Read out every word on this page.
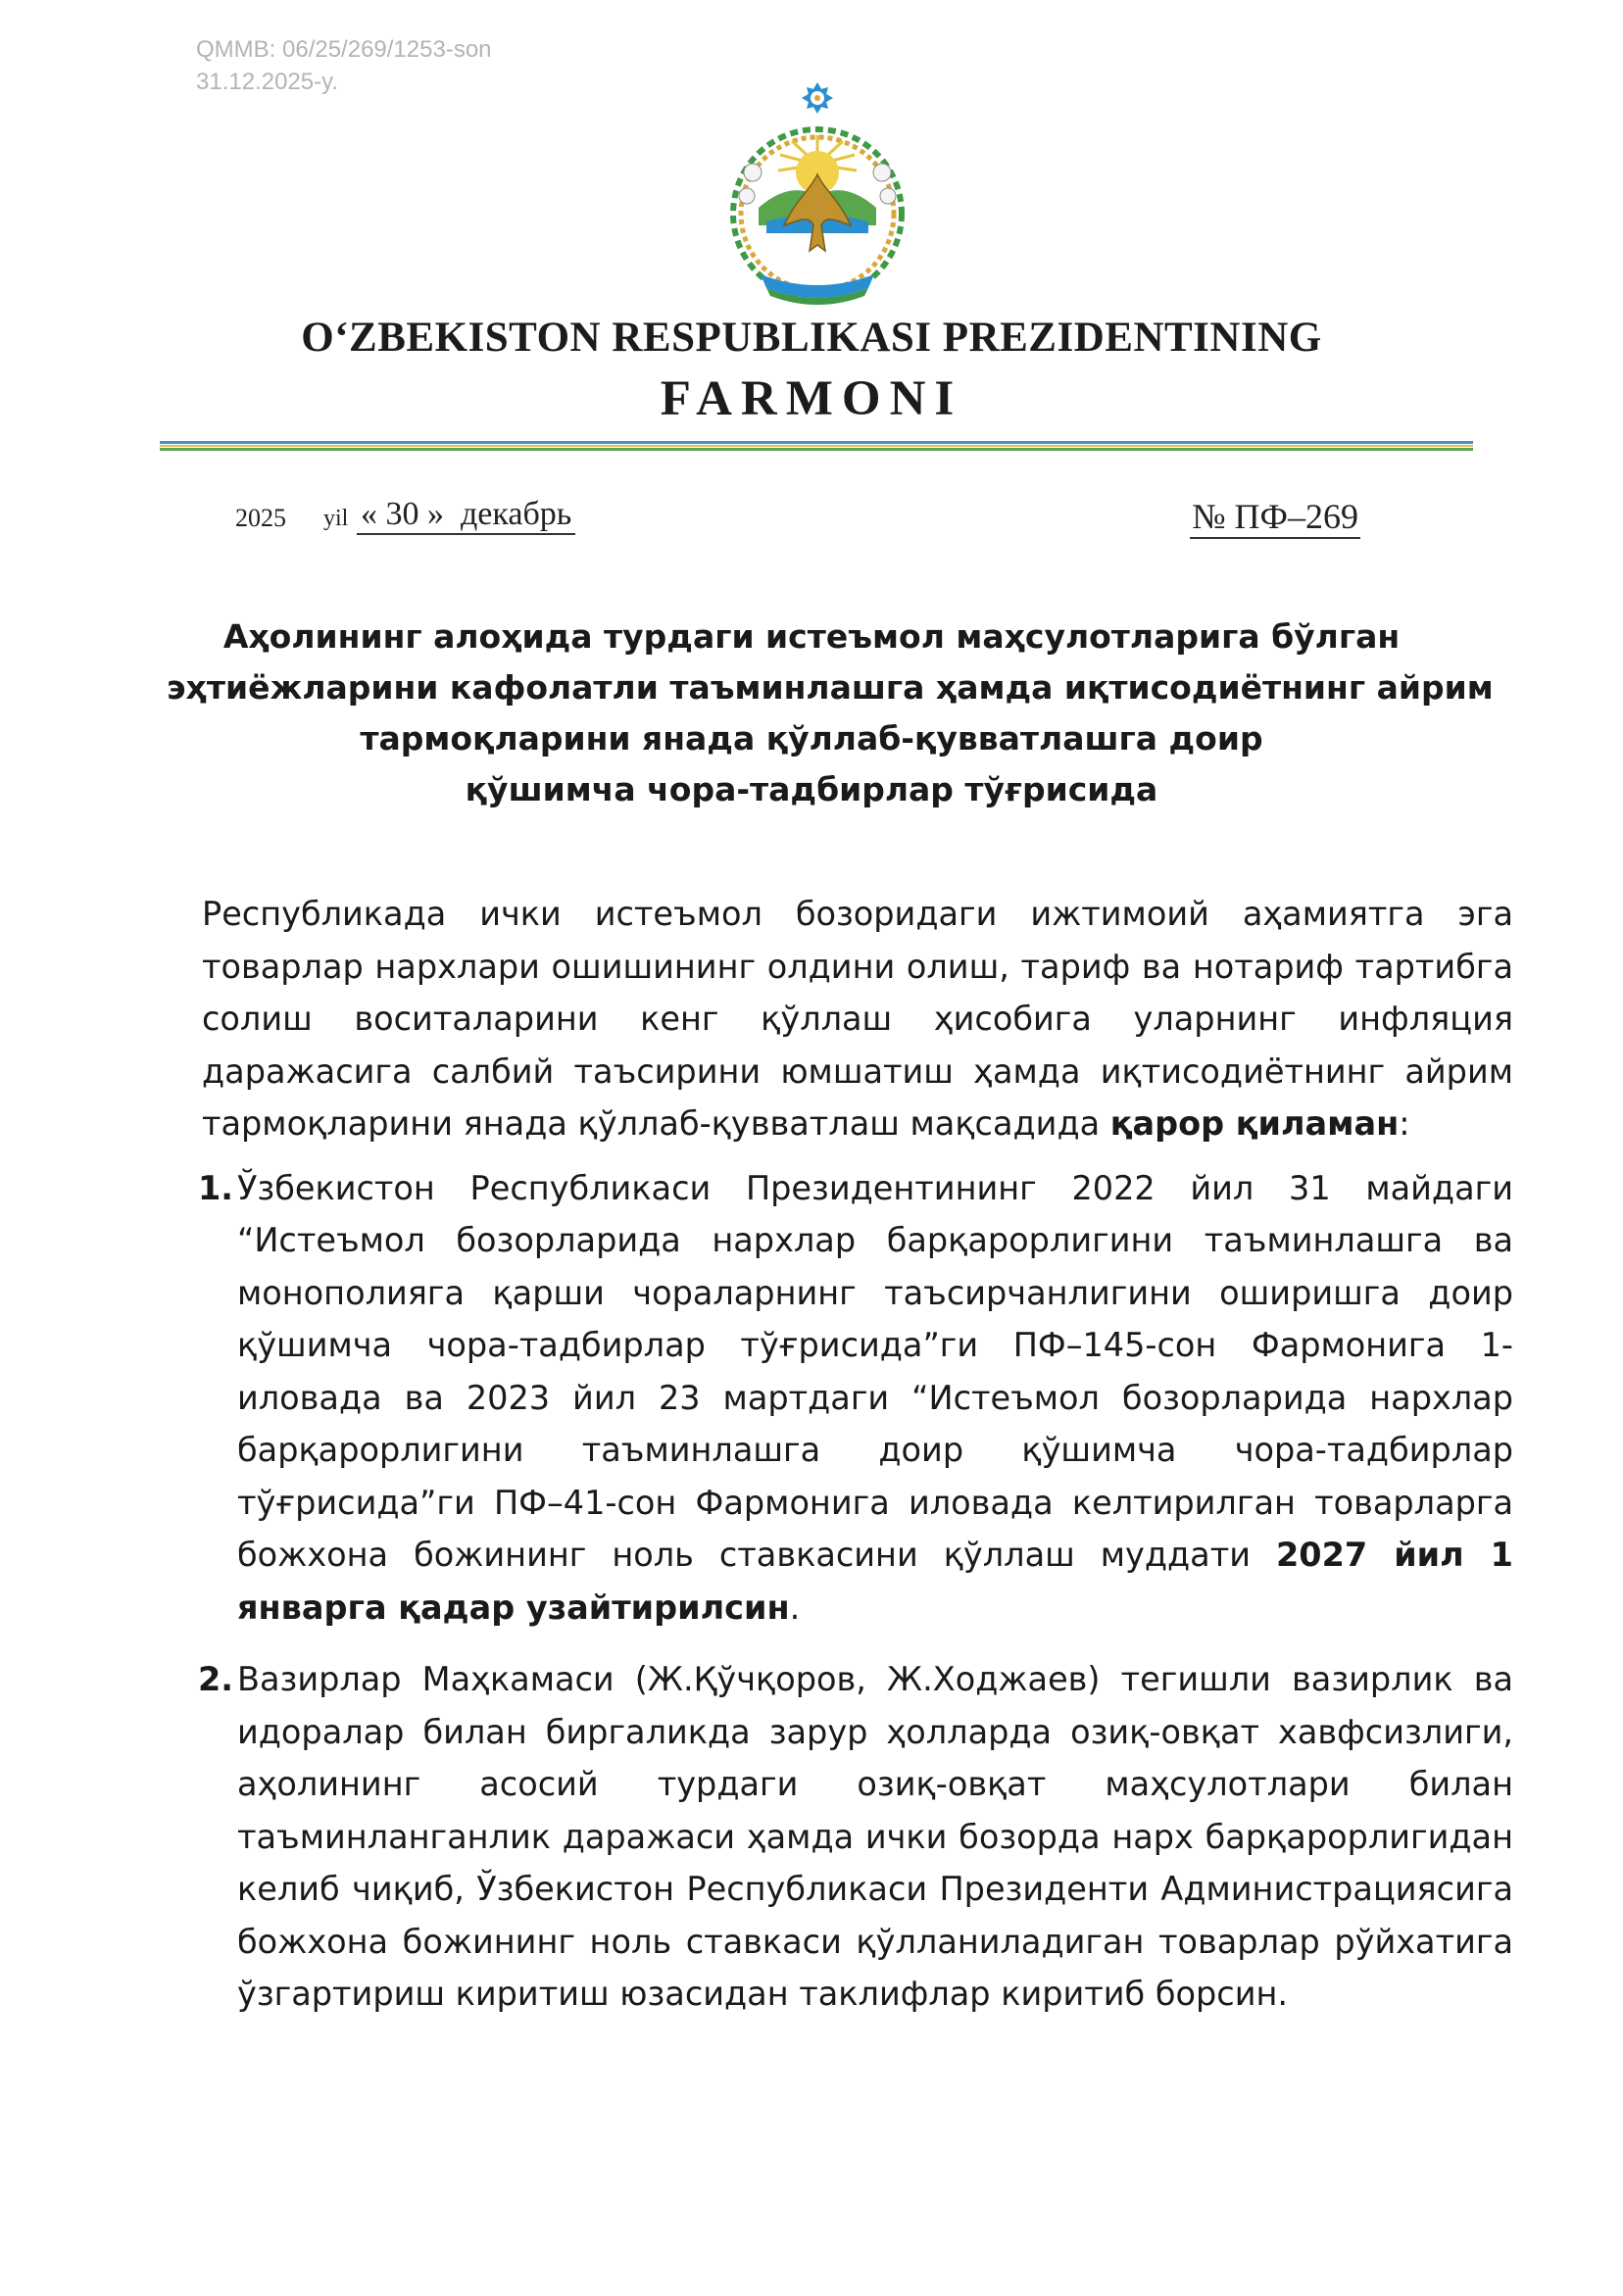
QMMB: 06/25/269/1253-son
31.12.2025-y.
O‘ZBEKISTON RESPUBLIKASI PREZIDENTINING
FARMONI
2025 yil « 30 »  декабрь	№ ПФ–269
Аҳолининг алоҳида турдаги истеъмол маҳсулотларига бўлган
эҳтиёжларини кафолатли таъминлашга ҳамда иқтисодиётнинг айрим
тармоқларини янада қўллаб-қувватлашга доир
қўшимча чора-тадбирлар тўғрисида
Республикада ички истеъмол бозоридаги ижтимоий аҳамиятга эга товарлар нархлари ошишининг олдини олиш, тариф ва нотариф тартибга солиш воситаларини кенг қўллаш ҳисобига уларнинг инфляция даражасига салбий таъсирини юмшатиш ҳамда иқтисодиётнинг айрим тармоқларини янада қўллаб-қувватлаш мақсадида қарор қиламан:
1. Ўзбекистон Республикаси Президентининг 2022 йил 31 майдаги “Истеъмол бозорларида нархлар барқарорлигини таъминлашга ва монополияга қарши чораларнинг таъсирчанлигини оширишга доир қўшимча чора-тадбирлар тўғрисида”ги ПФ–145-сон Фармонига 1-иловада ва 2023 йил 23 мартдаги “Истеъмол бозорларида нархлар барқарорлигини таъминлашга доир қўшимча чора-тадбирлар тўғрисида”ги ПФ–41-сон Фармонига иловада келтирилган товарларга божхона божининг ноль ставкасини қўллаш муддати 2027 йил 1 январга қадар узайтирилсин.
2. Вазирлар Маҳкамаси (Ж.Қўчқоров, Ж.Ходжаев) тегишли вазирлик ва идоралар билан биргаликда зарур ҳолларда озиқ-овқат хавфсизлиги, аҳолининг асосий турдаги озиқ-овқат маҳсулотлари билан таъминланганлик даражаси ҳамда ички бозорда нарх барқарорлигидан келиб чиқиб, Ўзбекистон Республикаси Президенти Администрациясига божхона божининг ноль ставкаси қўлланиладиган товарлар рўйхатига ўзгартириш киритиш юзасидан таклифлар киритиб борсин.
